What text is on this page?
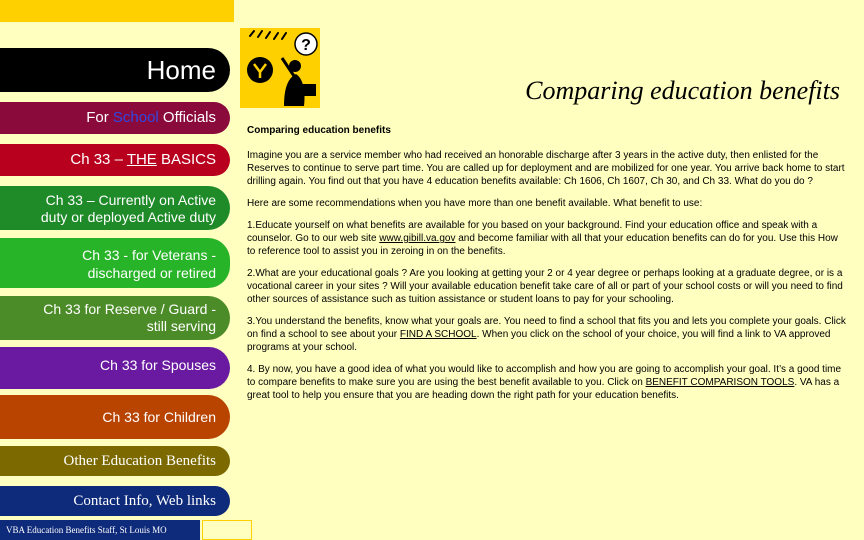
Home
For School Officials
Ch 33 – THE BASICS
Ch 33 – Currently on Active
duty or deployed Active duty
Ch 33 - for Veterans -
discharged or retired
Ch 33 for Reserve / Guard -
still serving
Ch 33 for Spouses
Ch 33 for Children
Other Education Benefits
Contact Info, Web links
VBA Education Benefits Staff, St Louis MO
?
Comparing education benefits

Comparing education benefits

Imagine you are a service member who had received an honorable discharge after 3 years in the active duty, then enlisted for the Reserves to continue to serve part time. You are called up for deployment and are mobilized for one year. You arrive back home to start drilling again. You find out that you have 4 education benefits available: Ch 1606, Ch 1607, Ch 30, and Ch 33. What do you do ?

Here are some recommendations when you have more than one benefit available. What benefit to use:

1.Educate yourself on what benefits are available for you based on your background. Find your education office and speak with a counselor. Go to our web site www.gibill.va.gov and become familiar with all that your education benefits can do for you. Use this How to reference tool to assist you in zeroing in on the benefits.

2.What are your educational goals ? Are you looking at getting your 2 or 4 year degree or perhaps looking at a graduate degree, or is a vocational career in your sites ? Will your available education benefit take care of all or part of your school costs or will you need to find other sources of assistance such as tuition assistance or student loans to pay for your schooling.

3.You understand the benefits, know what your goals are. You need to find a school that fits you and lets you complete your goals. Click on find a school to see about your FIND A SCHOOL. When you click on the school of your choice, you will find a link to VA approved programs at your school.

4. By now, you have a good idea of what you would like to accomplish and how you are going to accomplish your goal. It’s a good time to compare benefits to make sure you are using the best benefit available to you. Click on BENEFIT COMPARISON TOOLS. VA has a great tool to help you ensure that you are heading down the right path for your education benefits.
